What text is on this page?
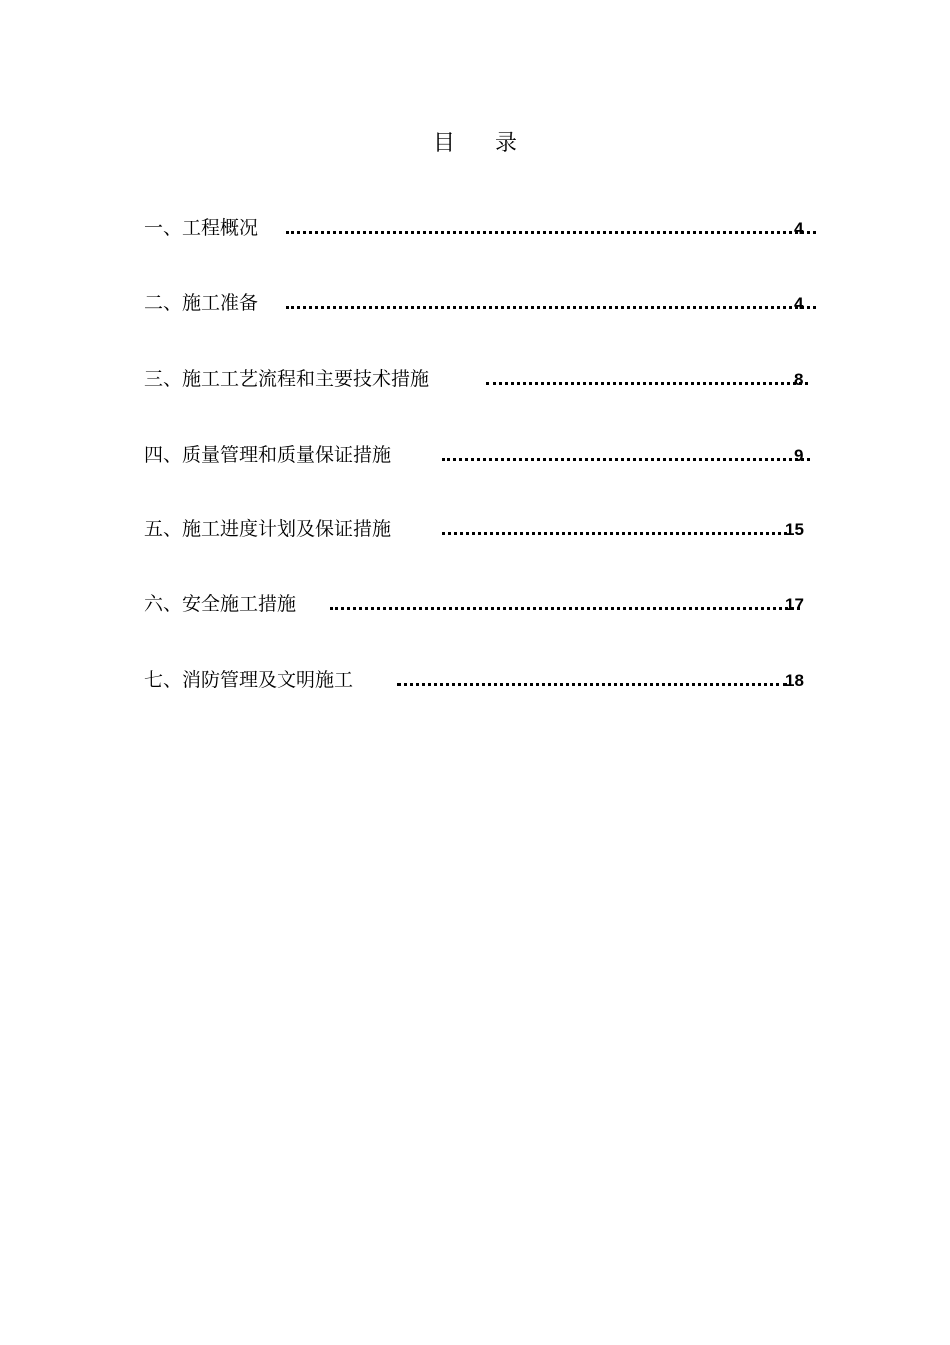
目 录
一、工程概况	4
二、施工准备	4
三、施工工艺流程和主要技术措施	8
四、质量管理和质量保证措施	9
五、施工进度计划及保证措施	15
六、安全施工措施	17
七、消防管理及文明施工	18
